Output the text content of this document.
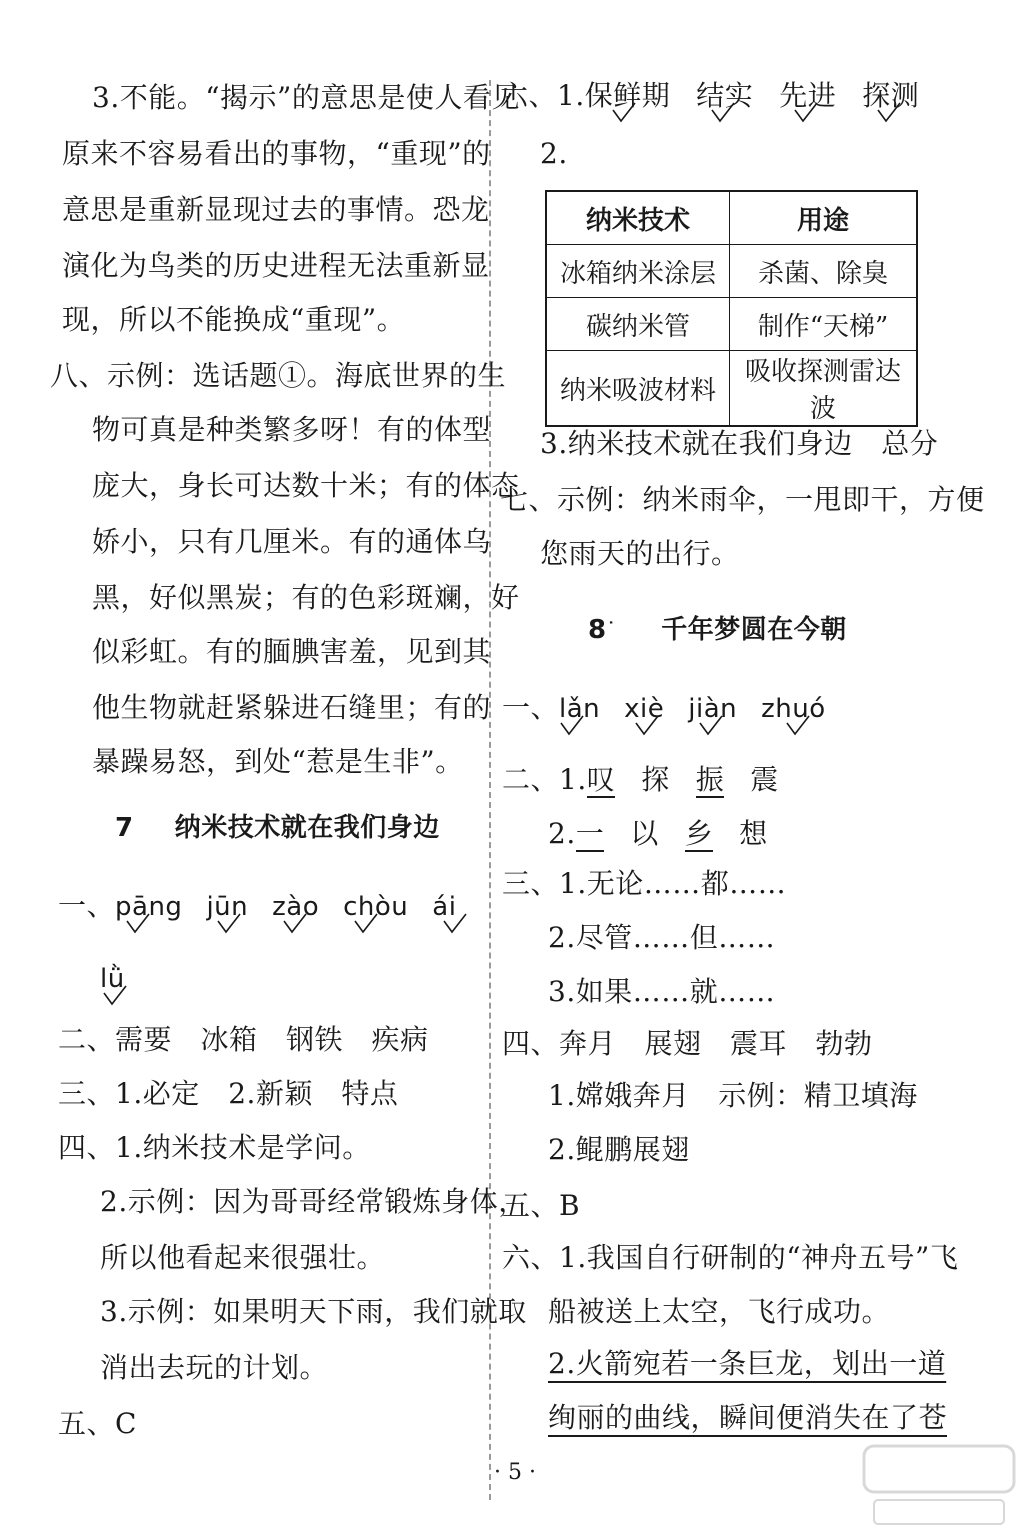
3.不能。“揭示”的意思是使人看见
原来不容易看出的事物，“重现”的
意思是重新显现过去的事情。恐龙
演化为鸟类的历史进程无法重新显
现，所以不能换成“重现”。
八、示例：选话题①。海底世界的生
物可真是种类繁多呀！有的体型
庞大，身长可达数十米；有的体态
娇小，只有几厘米。有的通体乌
黑，好似黑炭；有的色彩斑斓，好
似彩虹。有的腼腆害羞，见到其
他生物就赶紧躲进石缝里；有的
暴躁易怒，到处“惹是生非”。
7 纳米技术就在我们身边
一、pāng jūn zào chòu ái
lǜ
二、需要　冰箱　钢铁　疾病
三、1.必定　2.新颖　特点
四、1.纳米技术是学问。
2.示例：因为哥哥经常锻炼身体，
所以他看起来很强壮。
3.示例：如果明天下雨，我们就取
消出去玩的计划。
五、C
六、1.保鲜期 结实 先进 探测
2.
纳米技术	用途
冰箱纳米涂层	杀菌、除臭
碳纳米管	制作“天梯”
纳米吸波材料	吸收探测雷达波
3.纳米技术就在我们身边　总分
七、示例：纳米雨伞，一甩即干，方便
您雨天的出行。
8˙ 千年梦圆在今朝
一、lǎn xiè jiàn zhuó
二、1.叹 探 振 震
2.一 以 乡 想
三、1.无论……都……
2.尽管……但……
3.如果……就……
四、奔月　展翅　震耳　勃勃
1.嫦娥奔月　示例：精卫填海
2.鲲鹏展翅
五、B
六、1.我国自行研制的“神舟五号”飞
船被送上太空，飞行成功。
2.火箭宛若一条巨龙，划出一道
绚丽的曲线，瞬间便消失在了苍
· 5 ·
